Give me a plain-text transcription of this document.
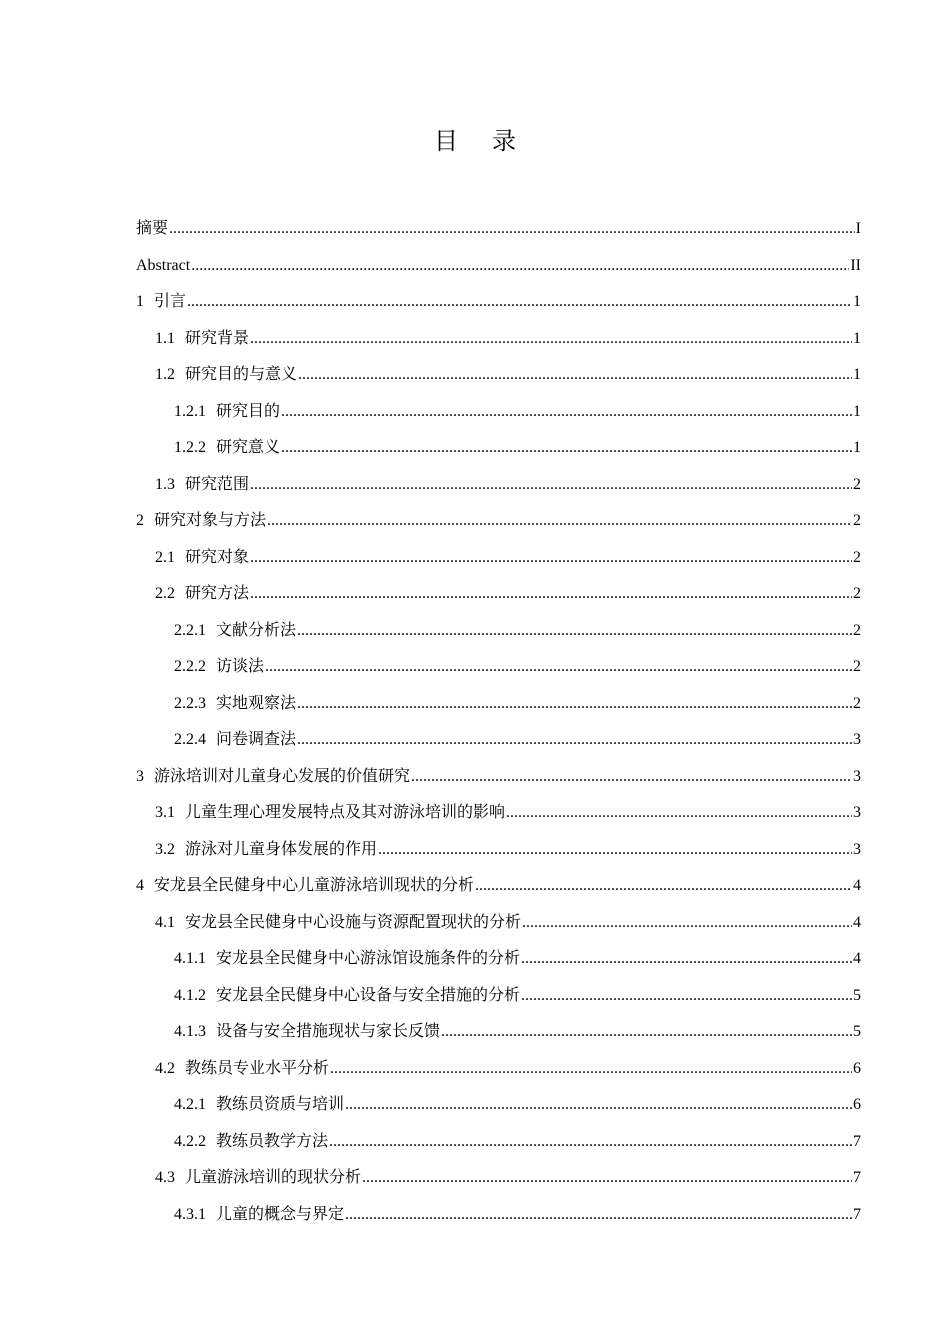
目 录
摘要 .....	I
Abstract .....	II
1 引言 .....	1
1.1 研究背景 .....	1
1.2 研究目的与意义 .....	1
1.2.1 研究目的 .....	1
1.2.2 研究意义 .....	1
1.3 研究范围 .....	2
2 研究对象与方法 .....	2
2.1 研究对象 .....	2
2.2 研究方法 .....	2
2.2.1 文献分析法 .....	2
2.2.2 访谈法 .....	2
2.2.3 实地观察法 .....	2
2.2.4 问卷调查法 .....	3
3 游泳培训对儿童身心发展的价值研究 .....	3
3.1 儿童生理心理发展特点及其对游泳培训的影响 .....	3
3.2 游泳对儿童身体发展的作用 .....	3
4 安龙县全民健身中心儿童游泳培训现状的分析 .....	4
4.1 安龙县全民健身中心设施与资源配置现状的分析 .....	4
4.1.1 安龙县全民健身中心游泳馆设施条件的分析 .....	4
4.1.2 安龙县全民健身中心设备与安全措施的分析 .....	5
4.1.3 设备与安全措施现状与家长反馈 .....	5
4.2 教练员专业水平分析 .....	6
4.2.1 教练员资质与培训 .....	6
4.2.2 教练员教学方法 .....	7
4.3 儿童游泳培训的现状分析 .....	7
4.3.1 儿童的概念与界定 .....	7
